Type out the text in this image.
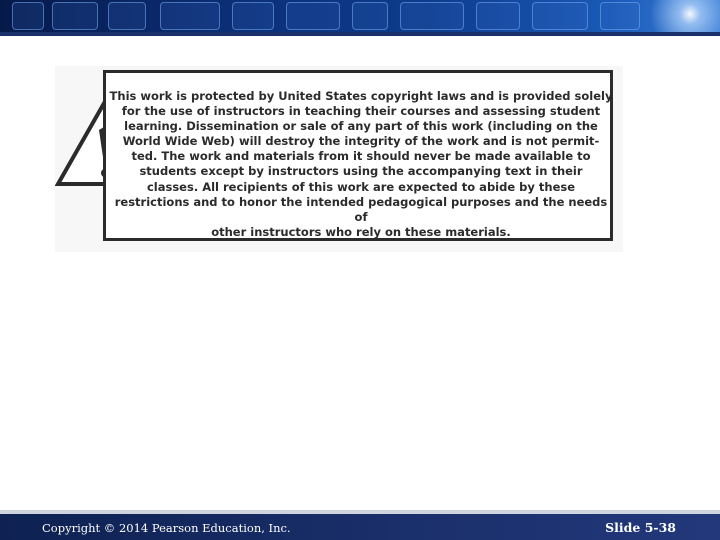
This work is protected by United States copyright laws and is provided solely
for the use of instructors in teaching their courses and assessing student
learning. Dissemination or sale of any part of this work (including on the
World Wide Web) will destroy the integrity of the work and is not permit-
ted. The work and materials from it should never be made available to
students except by instructors using the accompanying text in their
classes. All recipients of this work are expected to abide by these
restrictions and to honor the intended pedagogical purposes and the needs of
other instructors who rely on these materials.

Copyright © 2014 Pearson Education, Inc.	Slide 5-38
